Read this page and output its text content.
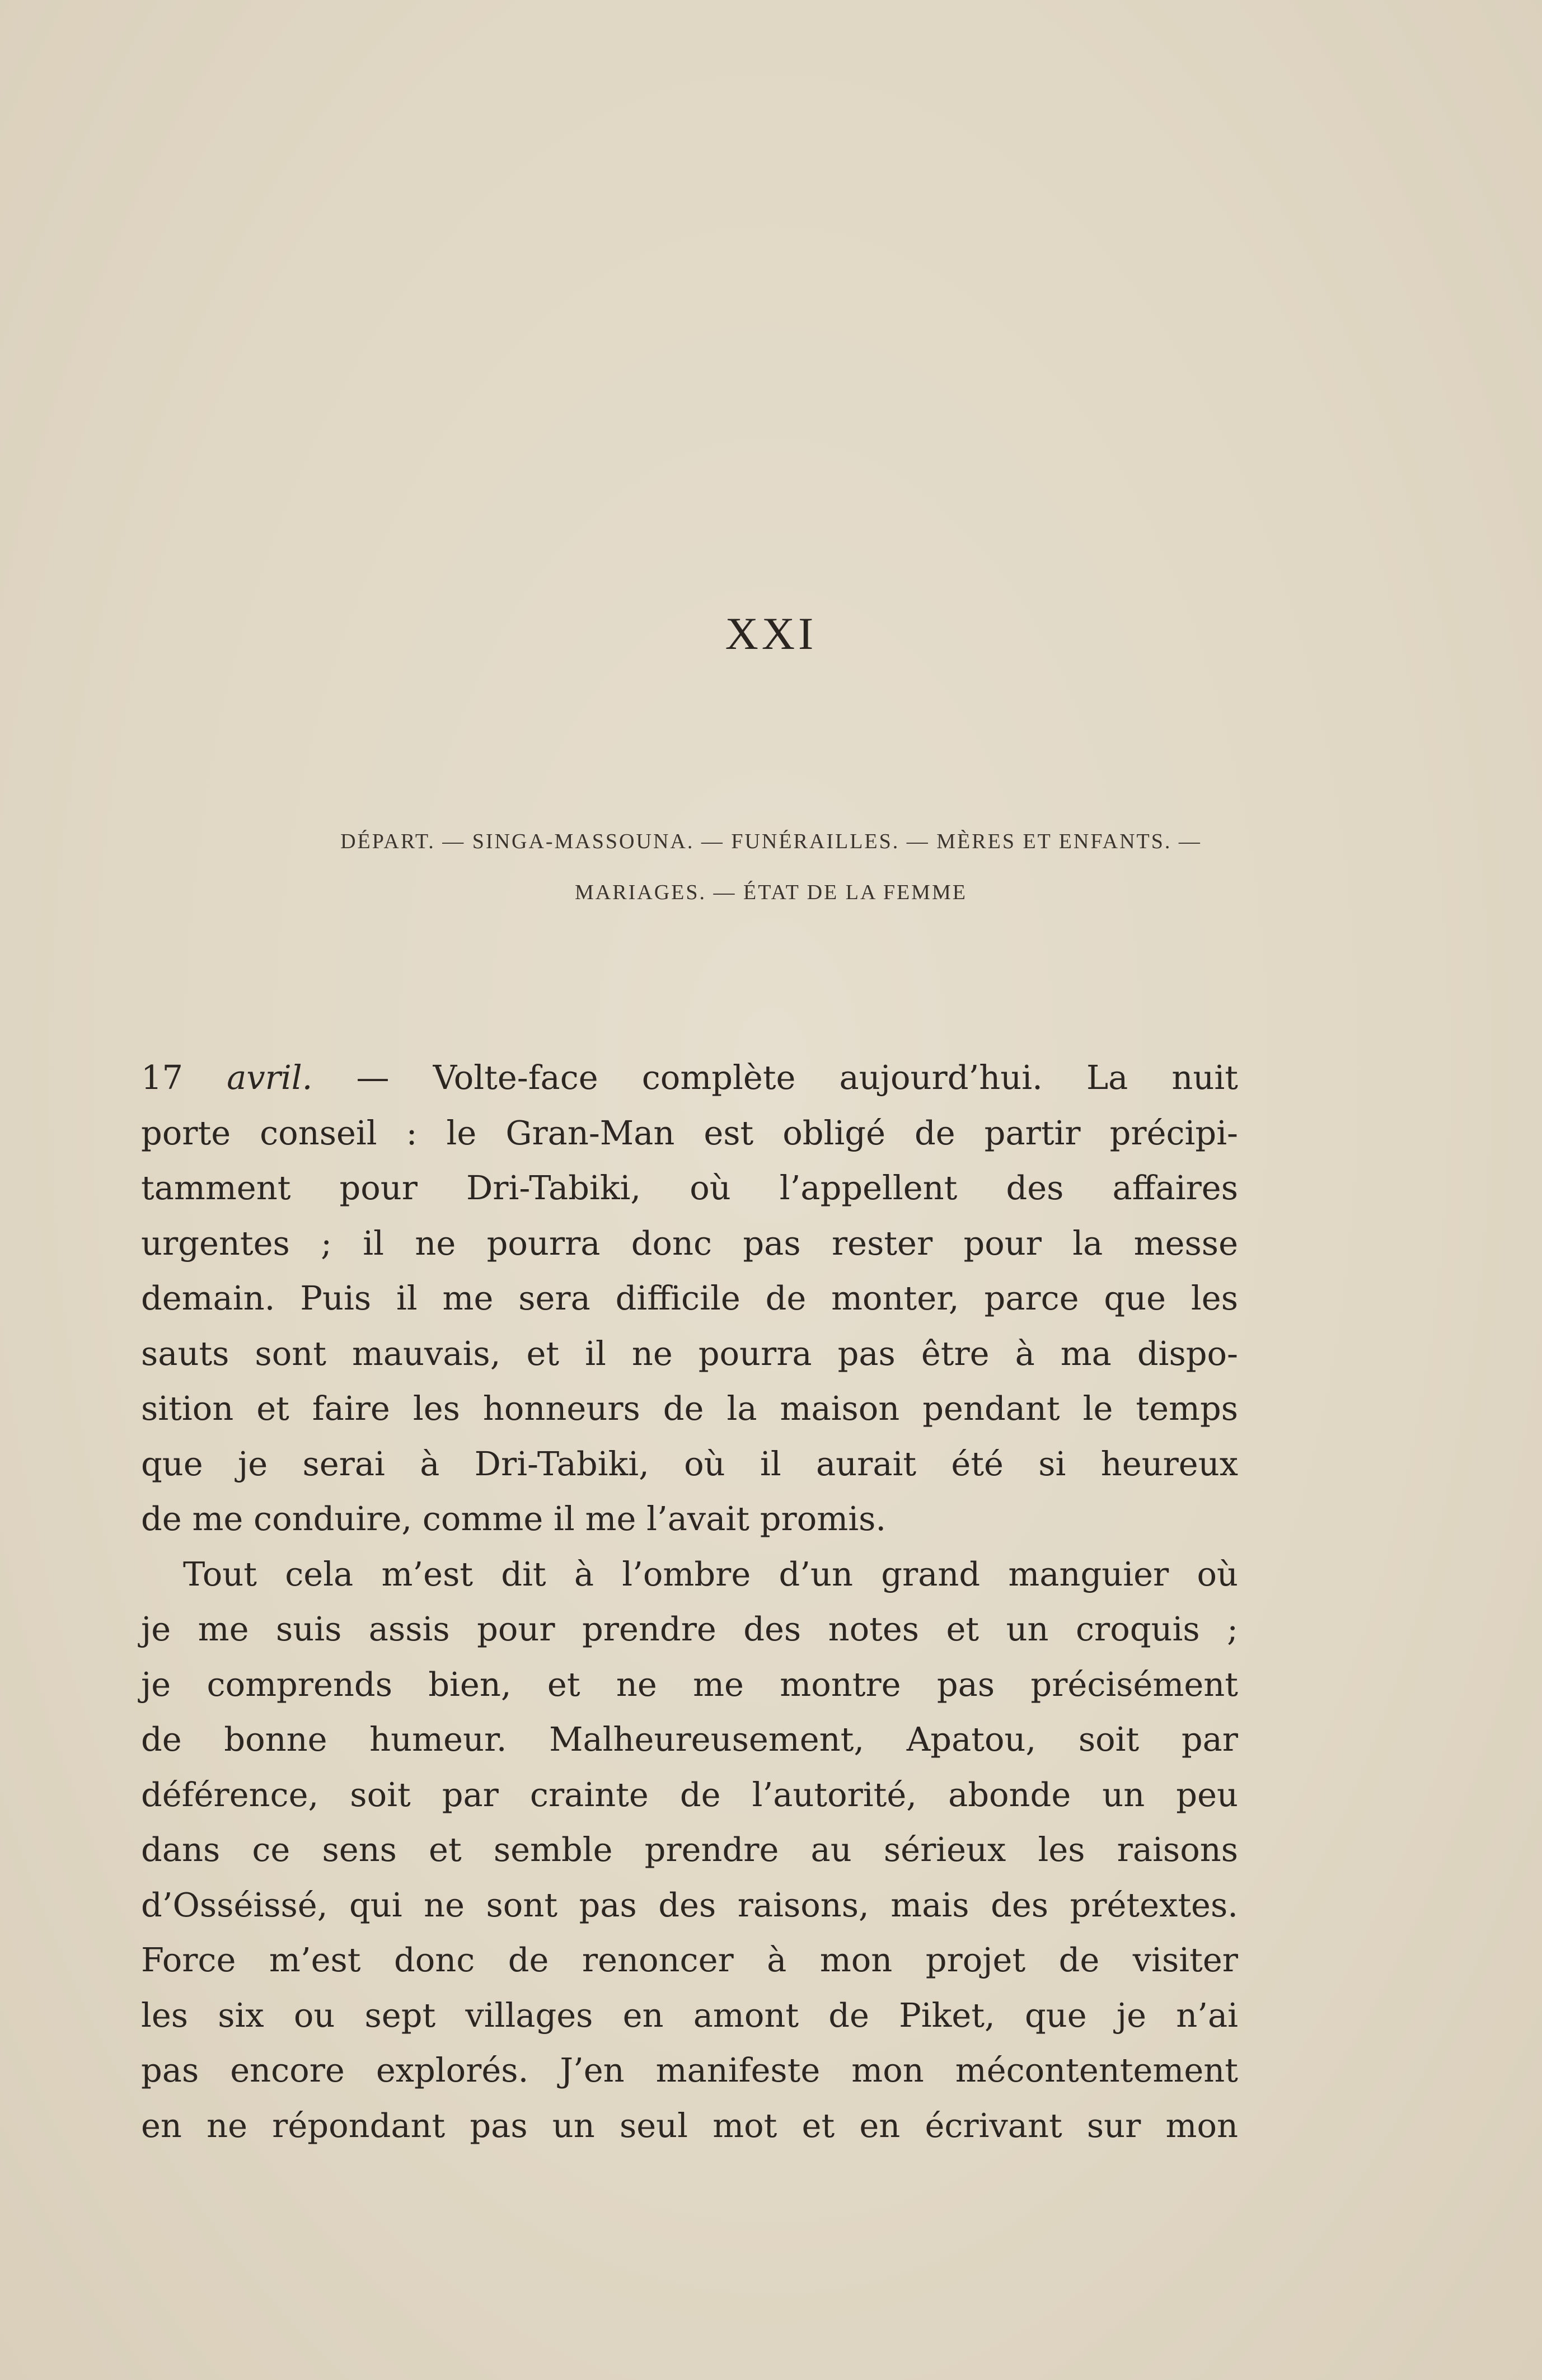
XXI
DÉPART. — SINGA-MASSOUNA. — FUNÉRAILLES. — MÈRES ET ENFANTS. —
MARIAGES. — ÉTAT DE LA FEMME

17 avril. — Volte-face complète aujourd’hui. La nuit

porte conseil : le Gran-Man est obligé de partir précipi-

tamment pour Dri-Tabiki, où l’appellent des affaires

urgentes ; il ne pourra donc pas rester pour la messe

demain. Puis il me sera difficile de monter, parce que les

sauts sont mauvais, et il ne pourra pas être à ma dispo-

sition et faire les honneurs de la maison pendant le temps

que je serai à Dri-Tabiki, où il aurait été si heureux

de me conduire, comme il me l’avait promis.

Tout cela m’est dit à l’ombre d’un grand manguier où

je me suis assis pour prendre des notes et un croquis ;

je comprends bien, et ne me montre pas précisément

de bonne humeur. Malheureusement, Apatou, soit par

déférence, soit par crainte de l’autorité, abonde un peu

dans ce sens et semble prendre au sérieux les raisons

d’Osséissé, qui ne sont pas des raisons, mais des prétextes.

Force m’est donc de renoncer à mon projet de visiter

les six ou sept villages en amont de Piket, que je n’ai

pas encore explorés. J’en manifeste mon mécontentement

en ne répondant pas un seul mot et en écrivant sur mon
